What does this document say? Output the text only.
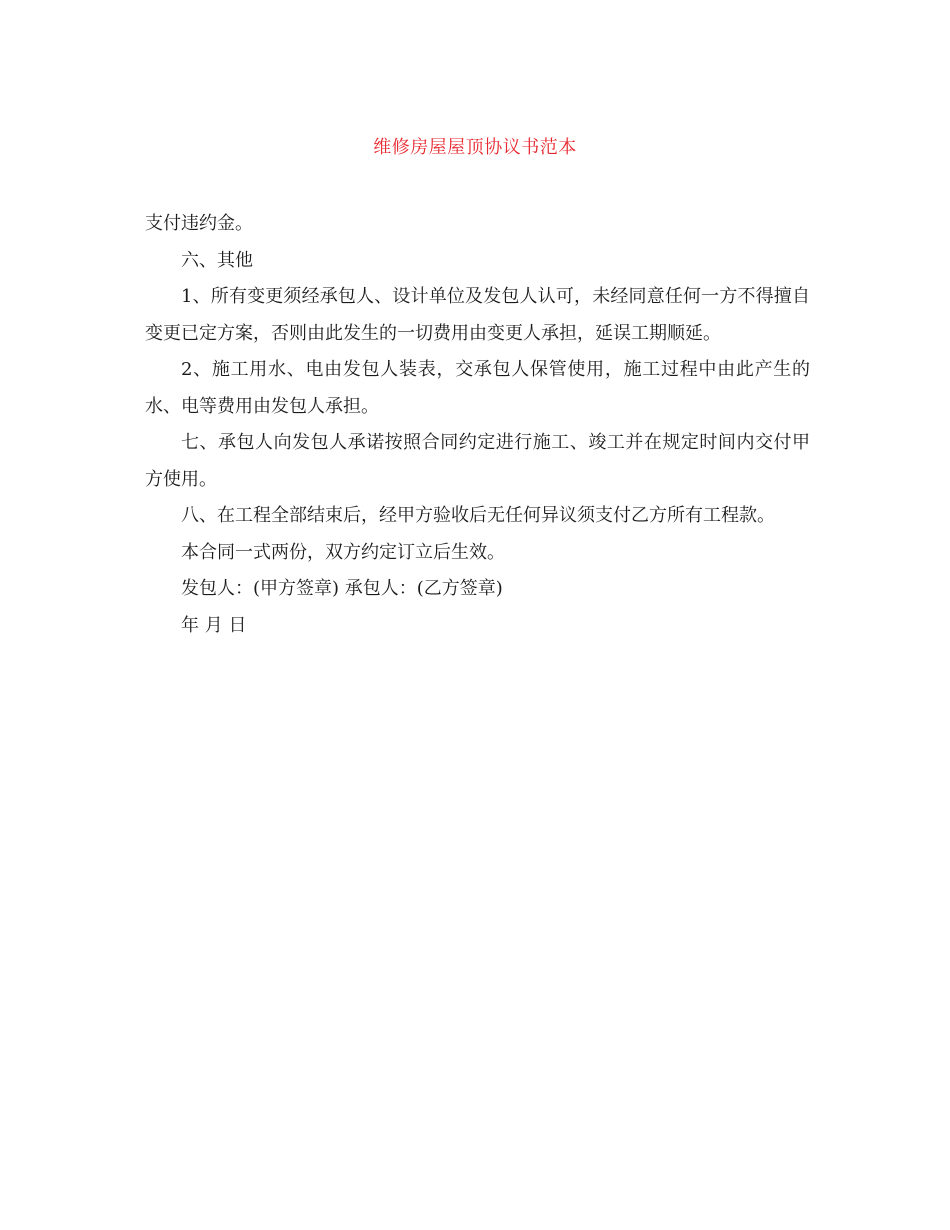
维修房屋屋顶协议书范本

支付违约金。

六、其他

1、所有变更须经承包人、设计单位及发包人认可，未经同意任何一方不得擅自变更已定方案，否则由此发生的一切费用由变更人承担，延误工期顺延。

2、施工用水、电由发包人装表，交承包人保管使用，施工过程中由此产生的水、电等费用由发包人承担。

七、承包人向发包人承诺按照合同约定进行施工、竣工并在规定时间内交付甲方使用。

八、在工程全部结束后，经甲方验收后无任何异议须支付乙方所有工程款。

本合同一式两份，双方约定订立后生效。

发包人：(甲方签章) 承包人：(乙方签章)

年 月 日
